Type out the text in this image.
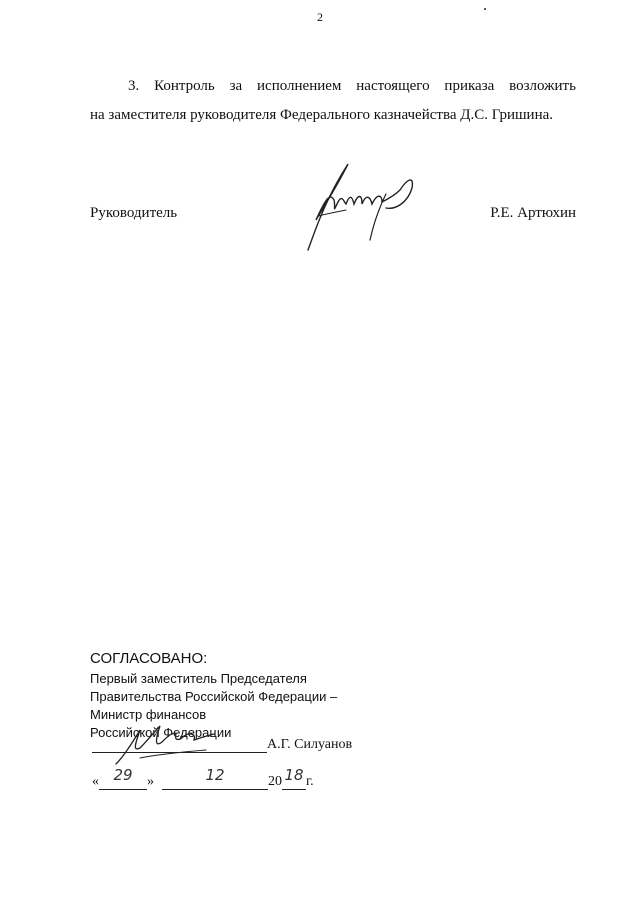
2
3. Контроль за исполнением настоящего приказа возложить
на заместителя руководителя Федерального казначейства Д.С. Гришина.
Руководитель	Р.Е. Артюхин
СОГЛАСОВАНО:
Первый заместитель Председателя
Правительства Российской Федерации –
Министр финансов
Российской Федерации
А.Г. Силуанов
« 29	»	12	20 18 г.
